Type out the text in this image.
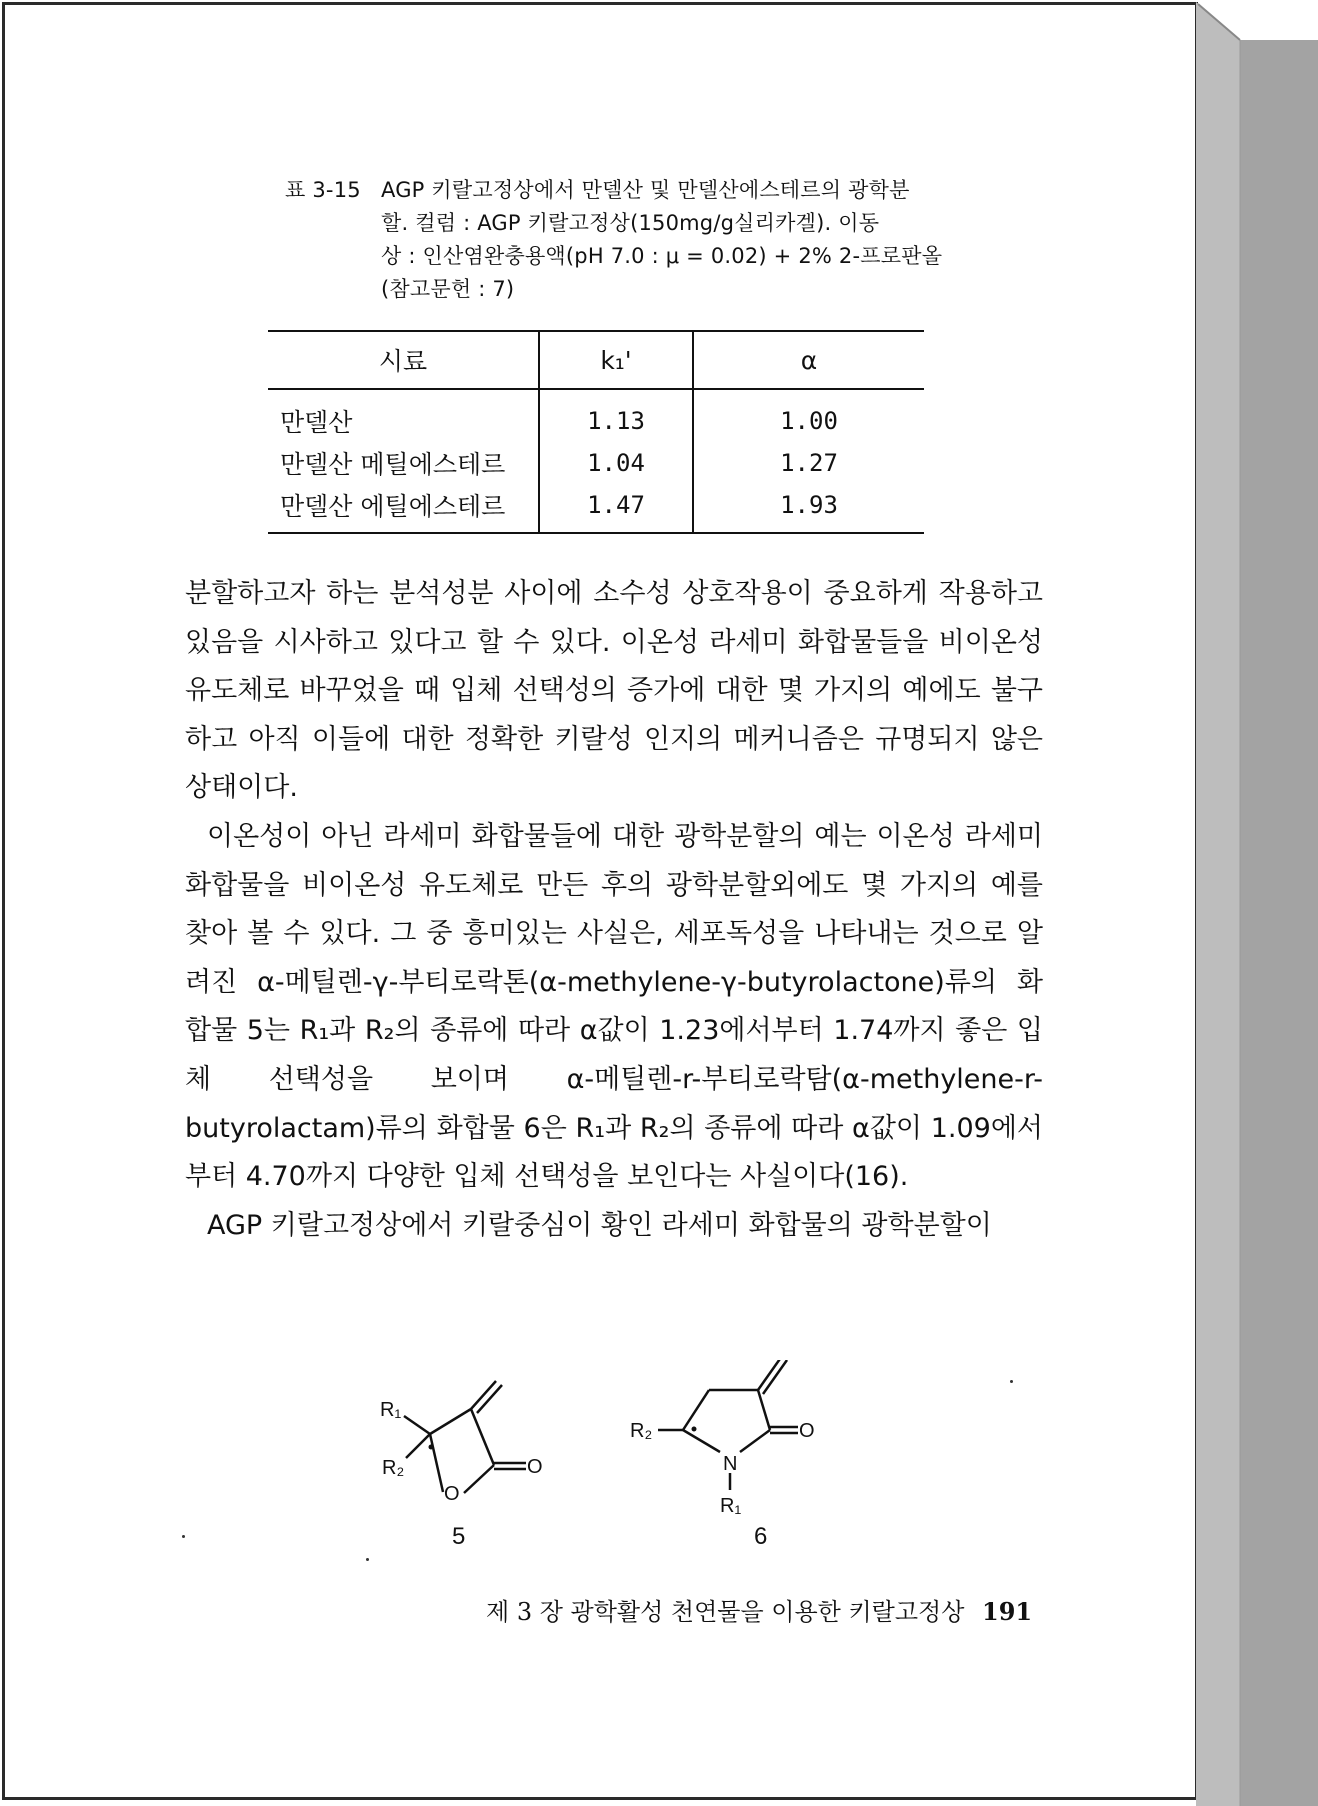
표 3-15 AGP 키랄고정상에서 만델산 및 만델산에스테르의 광학분
할. 컬럼 : AGP 키랄고정상(150mg/g실리카겔). 이동
상 : 인산염완충용액(pH 7.0 : μ = 0.02) + 2% 2-프로판올
(참고문헌 : 7)
시료	k₁'	α
만델산	1.13	1.00
만델산 메틸에스테르	1.04	1.27
만델산 에틸에스테르	1.47	1.93

분할하고자 하는 분석성분 사이에 소수성 상호작용이 중요하게 작용하고 있음을 시사하고 있다고 할 수 있다. 이온성 라세미 화합물들을 비이온성 유도체로 바꾸었을 때 입체 선택성의 증가에 대한 몇 가지의 예에도 불구하고 아직 이들에 대한 정확한 키랄성 인지의 메커니즘은 규명되지 않은 상태이다.

이온성이 아닌 라세미 화합물들에 대한 광학분할의 예는 이온성 라세미 화합물을 비이온성 유도체로 만든 후의 광학분할외에도 몇 가지의 예를 찾아 볼 수 있다. 그 중 흥미있는 사실은, 세포독성을 나타내는 것으로 알려진 α-메틸렌-γ-부티로락톤(α-methylene-γ-butyrolactone)류의 화합물 5는 R₁과 R₂의 종류에 따라 α값이 1.23에서부터 1.74까지 좋은 입체 선택성을 보이며 α-메틸렌-r-부티로락탐(α-methylene-r-butyrolactam)류의 화합물 6은 R₁과 R₂의 종류에 따라 α값이 1.09에서부터 4.70까지 다양한 입체 선택성을 보인다는 사실이다(16).

AGP 키랄고정상에서 키랄중심이 황인 라세미 화합물의 광학분할이

R₁
R₂
O
O
5
R₂
N
O
R₁
6
제 3 장 광학활성 천연물을 이용한 키랄고정상 191
